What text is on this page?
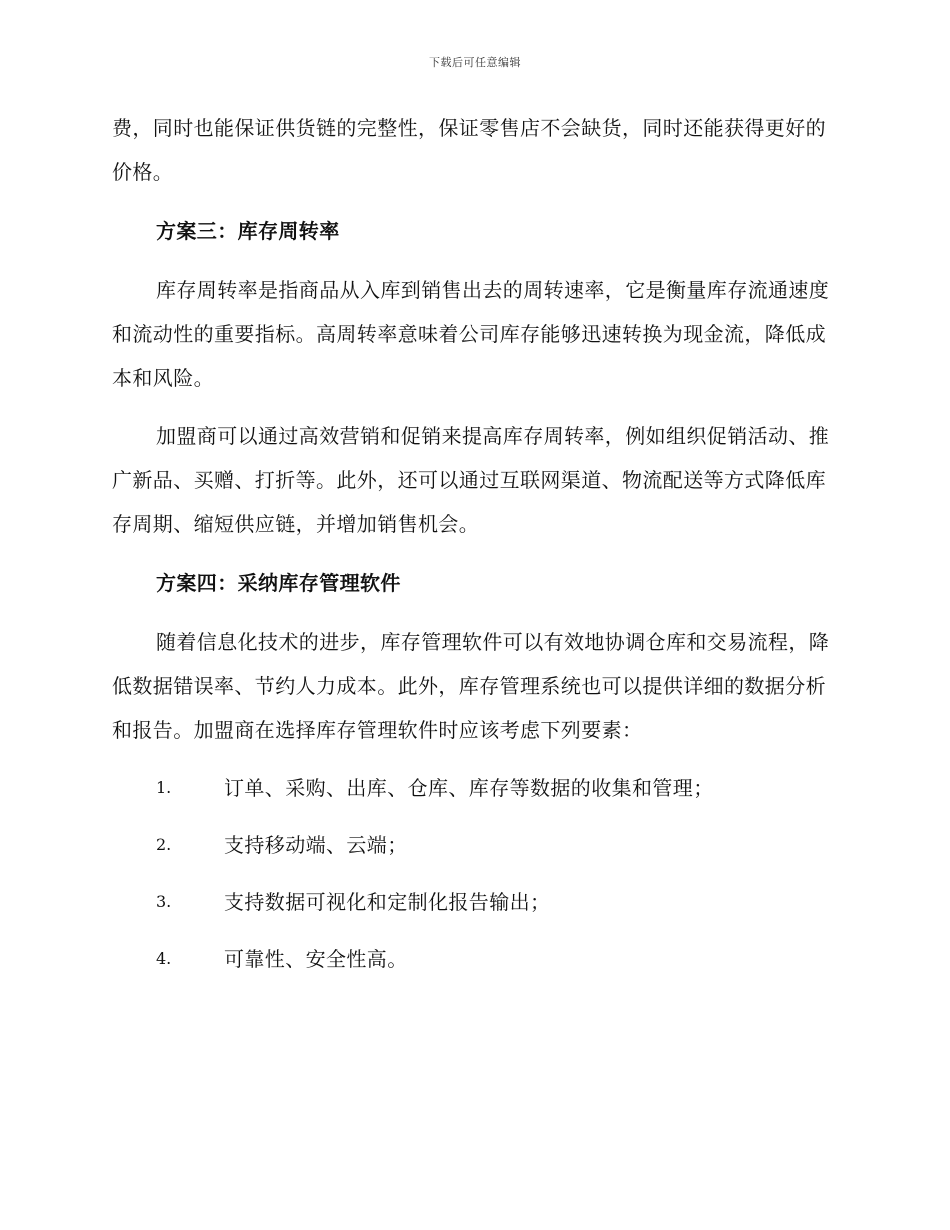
下载后可任意编辑

费，同时也能保证供货链的完整性，保证零售店不会缺货，同时还能获得更好的价格。

方案三：库存周转率

库存周转率是指商品从入库到销售出去的周转速率，它是衡量库存流通速度和流动性的重要指标。高周转率意味着公司库存能够迅速转换为现金流，降低成本和风险。

加盟商可以通过高效营销和促销来提高库存周转率，例如组织促销活动、推广新品、买赠、打折等。此外，还可以通过互联网渠道、物流配送等方式降低库存周期、缩短供应链，并增加销售机会。

方案四：采纳库存管理软件

随着信息化技术的进步，库存管理软件可以有效地协调仓库和交易流程，降低数据错误率、节约人力成本。此外，库存管理系统也可以提供详细的数据分析和报告。加盟商在选择库存管理软件时应该考虑下列要素：

1.	订单、采购、出库、仓库、库存等数据的收集和管理；
2.	支持移动端、云端；
3.	支持数据可视化和定制化报告输出；
4.	可靠性、安全性高。
